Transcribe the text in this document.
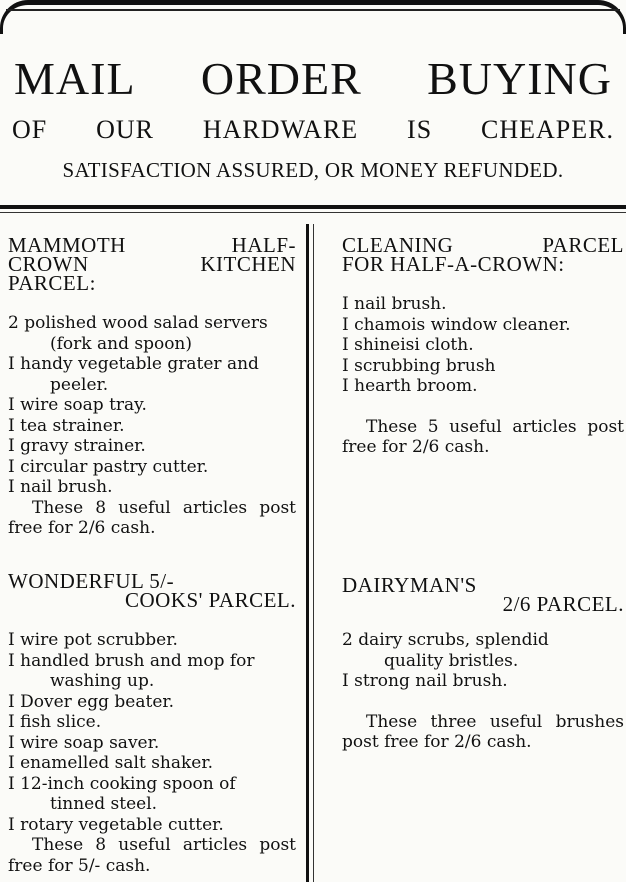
MAIL ORDER BUYING
OF OUR HARDWARE IS CHEAPER.
SATISFACTION ASSURED, OR MONEY REFUNDED.
MAMMOTH	HALF-
CROWN	KITCHEN
PARCEL:
2 polished wood salad servers
(fork and spoon)
I handy vegetable grater and
peeler.
I wire soap tray.
I tea strainer.
I gravy strainer.
I circular pastry cutter.
I nail brush.
These 8 useful articles post free for 2/6 cash.
WONDERFUL 5/-
COOKS' PARCEL.
I wire pot scrubber.
I handled brush and mop for
washing up.
I Dover egg beater.
I fish slice.
I wire soap saver.
I enamelled salt shaker.
I 12-inch cooking spoon of
tinned steel.
I rotary vegetable cutter.
These 8 useful articles post free for 5/- cash.
CLEANING	PARCEL
FOR HALF-A-CROWN:
I nail brush.
I chamois window cleaner.
I shineisi cloth.
I scrubbing brush
I hearth broom.
These 5 useful articles post free for 2/6 cash.
DAIRYMAN'S
2/6 PARCEL.
2 dairy scrubs, splendid
quality bristles.
I strong nail brush.
These three useful brushes post free for 2/6 cash.
